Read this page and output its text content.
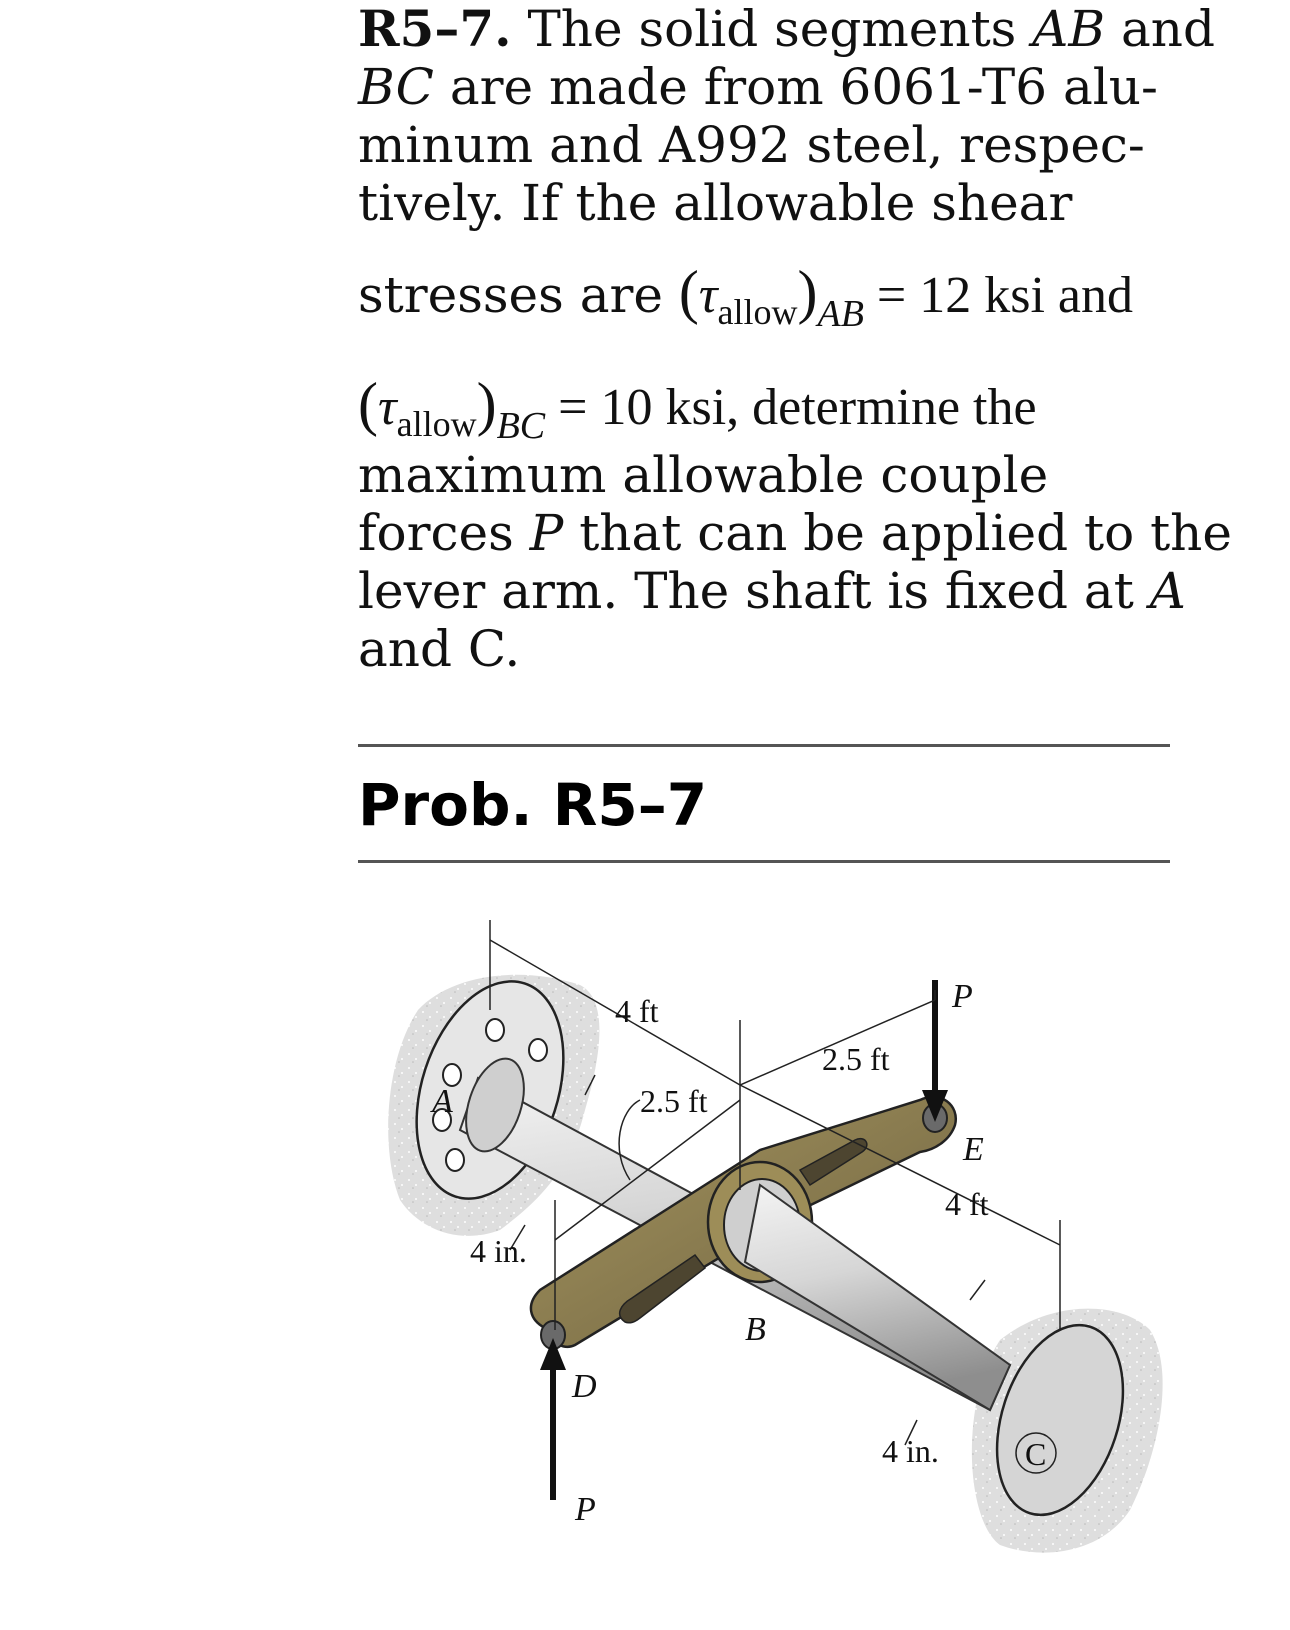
R5–7. The solid segments AB and
BC are made from 6061-T6 alu-
minum and A992 steel, respec-
tively. If the allowable shear
stresses are $(\tau_{allow})_{AB} = 12$ ksi and
$(\tau_{allow})_{BC} = 10$ ksi, determine the
maximum allowable couple
forces P that can be applied to the
lever arm. The shaft is fixed at A
and C.
Prob. R5–7
4 ft
2.5 ft
2.5 ft
4 ft
4 in.
4 in.
A
B
C
D
E
P
P
